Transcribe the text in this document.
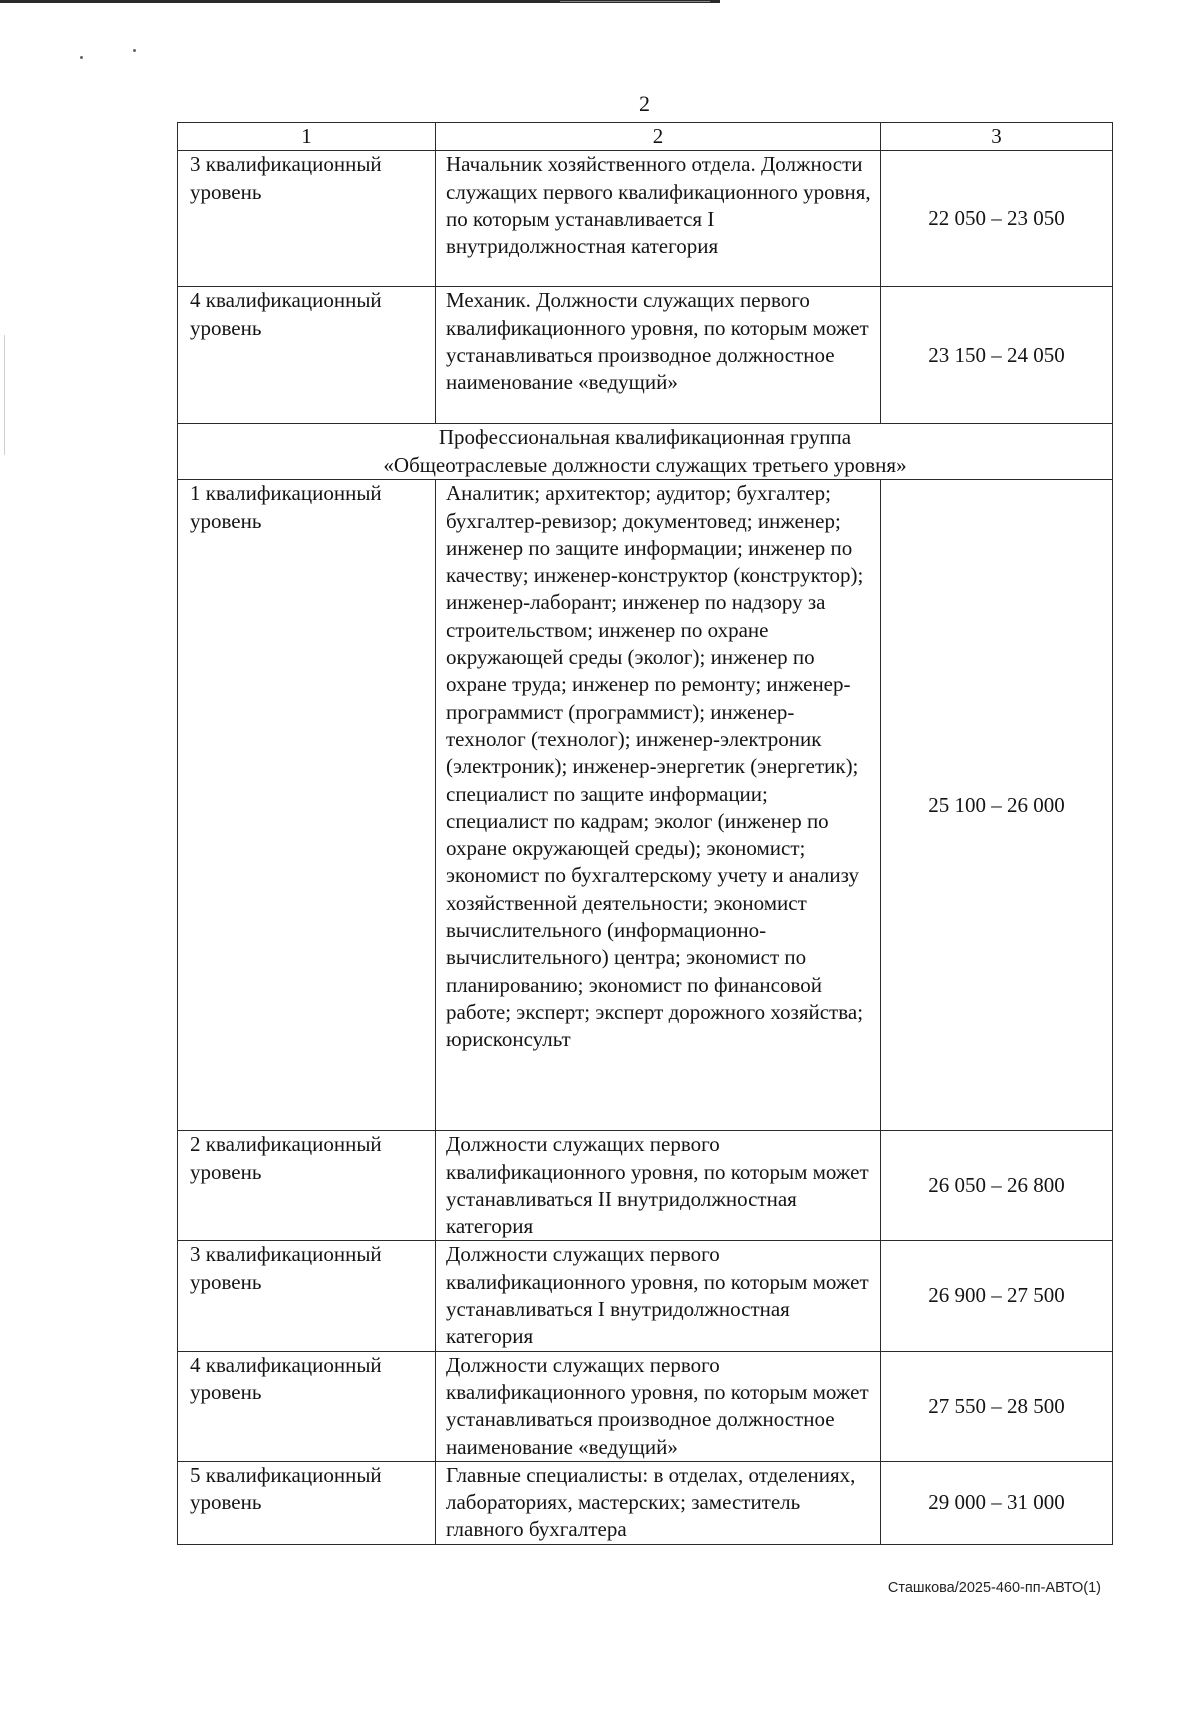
2
1	2	3
3 квалификационный уровень	Начальник хозяйственного отдела. Должности служащих первого квалификационного уровня, по которым устанавливается I внутридолжностная категория	22 050 – 23 050
4 квалификационный уровень	Механик. Должности служащих первого квалификационного уровня, по которым может устанавливаться производное должностное наименование «ведущий»	23 150 – 24 050

Профессиональная квалификационная группа
«Общеотраслевые должности служащих третьего уровня»		

1 квалификационный уровень	Аналитик; архитектор; аудитор; бухгалтер; бухгалтер-ревизор; документовед; инженер; инженер по защите информации; инженер по качеству; инженер-конструктор (конструктор); инженер-лаборант; инженер по надзору за строительством; инженер по охране окружающей среды (эколог); инженер по охране труда; инженер по ремонту; инженер-программист (программист); инженер-технолог (технолог); инженер-электроник (электроник); инженер-энергетик (энергетик); специалист по защите информации; специалист по кадрам; эколог (инженер по охране окружающей среды); экономист; экономист по бухгалтерскому учету и анализу хозяйственной деятельности; экономист вычислительного (информационно-вычислительного) центра; экономист по планированию; экономист по финансовой работе; эксперт; эксперт дорожного хозяйства; юрисконсульт	25 100 – 26 000
2 квалификационный уровень	Должности служащих первого квалификационного уровня, по которым может устанавливаться II внутридолжностная категория	26 050 – 26 800
3 квалификационный уровень	Должности служащих первого квалификационного уровня, по которым может устанавливаться I внутридолжностная категория	26 900 – 27 500
4 квалификационный уровень	Должности служащих первого квалификационного уровня, по которым может устанавливаться производное должностное наименование «ведущий»	27 550 – 28 500
5 квалификационный уровень	Главные специалисты: в отделах, отделениях, лабораториях, мастерских; заместитель главного бухгалтера	29 000 – 31 000
Сташкова/2025-460-пп-АВТО(1)
